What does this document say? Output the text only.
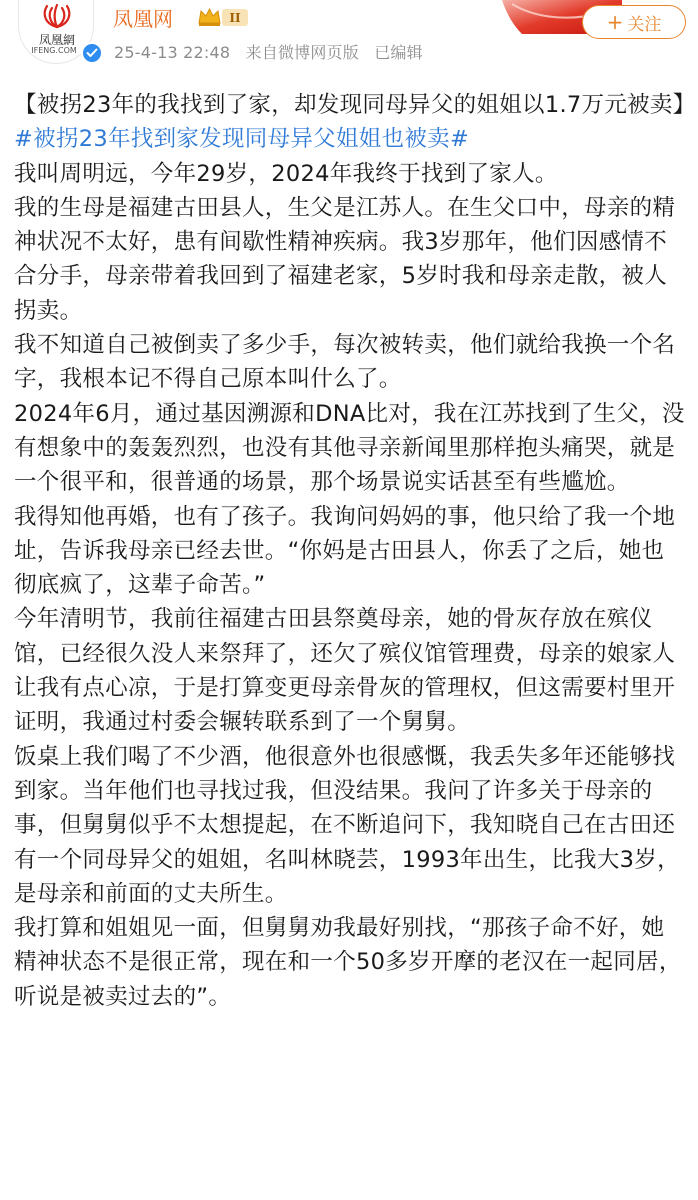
凤凰網
IFENG.COM
凤凰网	II
25-4-13 22:48 来自微博网页版 已编辑
+ 关注

【被拐23年的我找到了家，却发现同母异父的姐姐以1.7万元被卖】#被拐23年找到家发现同母异父姐姐也被卖#

我叫周明远，今年29岁，2024年我终于找到了家人。

我的生母是福建古田县人，生父是江苏人。在生父口中，母亲的精神状况不太好，患有间歇性精神疾病。我3岁那年，他们因感情不合分手，母亲带着我回到了福建老家，5岁时我和母亲走散，被人拐卖。

我不知道自己被倒卖了多少手，每次被转卖，他们就给我换一个名字，我根本记不得自己原本叫什么了。

2024年6月，通过基因溯源和DNA比对，我在江苏找到了生父，没有想象中的轰轰烈烈，也没有其他寻亲新闻里那样抱头痛哭，就是一个很平和，很普通的场景，那个场景说实话甚至有些尴尬。

我得知他再婚，也有了孩子。我询问妈妈的事，他只给了我一个地址，告诉我母亲已经去世。“你妈是古田县人，你丢了之后，她也彻底疯了，这辈子命苦。”

今年清明节，我前往福建古田县祭奠母亲，她的骨灰存放在殡仪馆，已经很久没人来祭拜了，还欠了殡仪馆管理费，母亲的娘家人让我有点心凉，于是打算变更母亲骨灰的管理权，但这需要村里开证明，我通过村委会辗转联系到了一个舅舅。

饭桌上我们喝了不少酒，他很意外也很感慨，我丢失多年还能够找到家。当年他们也寻找过我，但没结果。我问了许多关于母亲的事，但舅舅似乎不太想提起，在不断追问下，我知晓自己在古田还有一个同母异父的姐姐，名叫林晓芸，1993年出生，比我大3岁，是母亲和前面的丈夫所生。

我打算和姐姐见一面，但舅舅劝我最好别找，“那孩子命不好，她精神状态不是很正常，现在和一个50多岁开摩的老汉在一起同居，听说是被卖过去的”。
